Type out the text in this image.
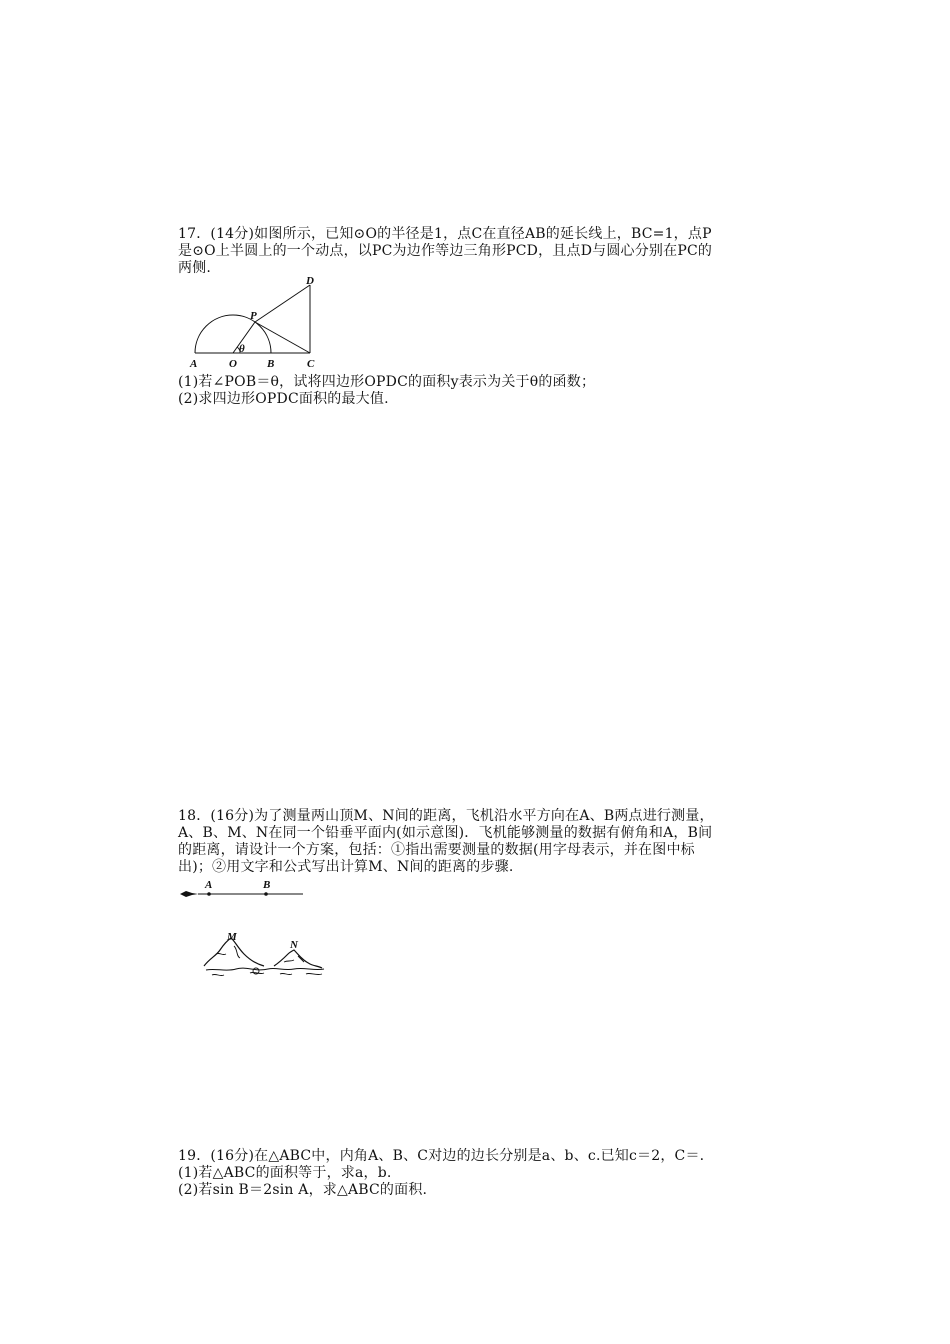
17．(14分)如图所示，已知⊙O的半径是1，点C在直径AB的延长线上，BC=1，点P
是⊙O上半圆上的一个动点，以PC为边作等边三角形PCD，且点D与圆心分别在PC的
两侧.
A	O	B	C
P
D
θ
(1)若∠POB＝θ，试将四边形OPDC的面积y表示为关于θ的函数；
(2)求四边形OPDC面积的最大值.
18．(16分)为了测量两山顶M、N间的距离，飞机沿水平方向在A、B两点进行测量，
A、B、M、N在同一个铅垂平面内(如示意图)．飞机能够测量的数据有俯角和A，B间
的距离，请设计一个方案，包括：①指出需要测量的数据(用字母表示，并在图中标
出)；②用文字和公式写出计算M、N间的距离的步骤.
A	B
M
N
19．(16分)在△ABC中，内角A、B、C对边的边长分别是a、b、c.已知c＝2，C＝.
(1)若△ABC的面积等于，求a，b.
(2)若sin B＝2sin A，求△ABC的面积.
